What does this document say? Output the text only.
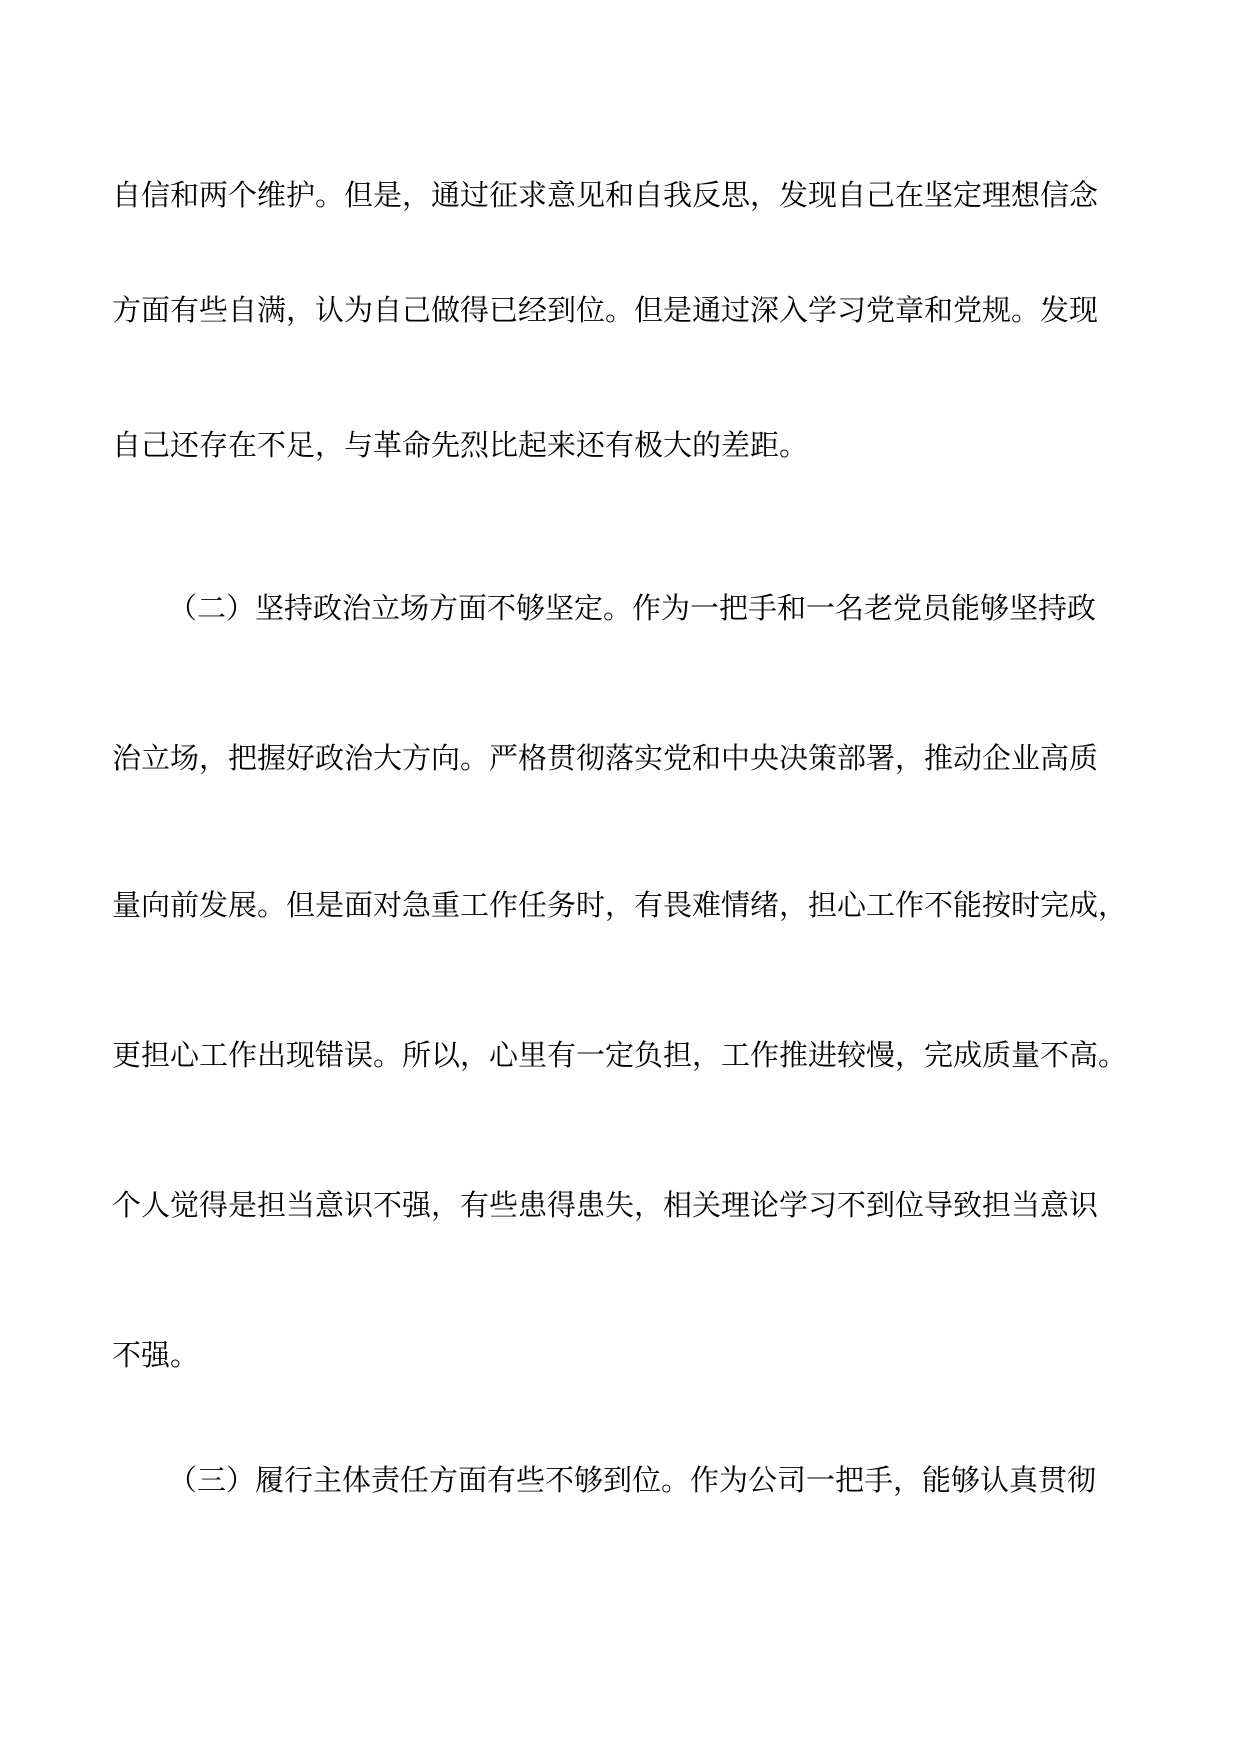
自信和两个维护。但是，通过征求意见和自我反思，发现自己在坚定理想信念

方面有些自满，认为自己做得已经到位。但是通过深入学习党章和党规。发现

自己还存在不足，与革命先烈比起来还有极大的差距。

（二）坚持政治立场方面不够坚定。作为一把手和一名老党员能够坚持政

治立场，把握好政治大方向。严格贯彻落实党和中央决策部署，推动企业高质

量向前发展。但是面对急重工作任务时，有畏难情绪，担心工作不能按时完成，

更担心工作出现错误。所以，心里有一定负担，工作推进较慢，完成质量不高。

个人觉得是担当意识不强，有些患得患失，相关理论学习不到位导致担当意识

不强。

（三）履行主体责任方面有些不够到位。作为公司一把手，能够认真贯彻
